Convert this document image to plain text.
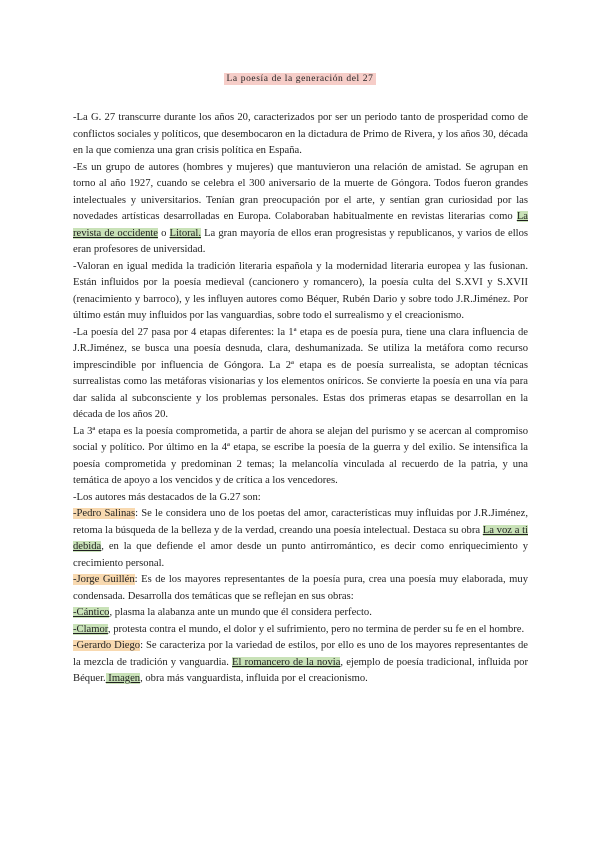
La poesía de la generación del 27

-La G. 27 transcurre durante los años 20, caracterizados por ser un periodo tanto de prosperidad como de conflictos sociales y políticos, que desembocaron en la dictadura de Primo de Rivera, y los años 30, década en la que comienza una gran crisis política en España.

-Es un grupo de autores (hombres y mujeres) que mantuvieron una relación de amistad. Se agrupan en torno al año 1927, cuando se celebra el 300 aniversario de la muerte de Góngora. Todos fueron grandes intelectuales y universitarios. Tenían gran preocupación por el arte, y sentían gran curiosidad por las novedades artísticas desarrolladas en Europa. Colaboraban habitualmente en revistas literarias como La revista de occidente o Litoral. La gran mayoría de ellos eran progresistas y republicanos, y varios de ellos eran profesores de universidad.

-Valoran en igual medida la tradición literaria española y la modernidad literaria europea y las fusionan. Están influidos por la poesía medieval (cancionero y romancero), la poesía culta del S.XVI y S.XVII (renacimiento y barroco), y les influyen autores como Béquer, Rubén Dario y sobre todo J.R.Jiménez. Por último están muy influidos por las vanguardias, sobre todo el surrealismo y el creacionismo.

-La poesía del 27 pasa por 4 etapas diferentes: la 1ª etapa es de poesía pura, tiene una clara influencia de J.R.Jiménez, se busca una poesía desnuda, clara, deshumanizada. Se utiliza la metáfora como recurso imprescindible por influencia de Góngora. La 2ª etapa es de poesía surrealista, se adoptan técnicas surrealistas como las metáforas visionarias y los elementos oníricos. Se convierte la poesía en una vía para dar salida al subconsciente y los problemas personales. Estas dos primeras etapas se desarrollan en la década de los años 20.

La 3ª etapa es la poesía comprometida, a partir de ahora se alejan del purismo y se acercan al compromiso social y político. Por último en la 4ª etapa, se escribe la poesía de la guerra y del exilio. Se intensifica la poesía comprometida y predominan 2 temas; la melancolía vinculada al recuerdo de la patria, y una temática de apoyo a los vencidos y de crítica a los vencedores.

-Los autores más destacados de la G.27 son:

-Pedro Salinas: Se le considera uno de los poetas del amor, características muy influidas por J.R.Jiménez, retoma la búsqueda de la belleza y de la verdad, creando una poesía intelectual. Destaca su obra La voz a ti debida, en la que defiende el amor desde un punto antirromántico, es decir como enriquecimiento y crecimiento personal.

-Jorge Guillén: Es de los mayores representantes de la poesía pura, crea una poesía muy elaborada, muy condensada. Desarrolla dos temáticas que se reflejan en sus obras:

-Cántico, plasma la alabanza ante un mundo que él considera perfecto.

-Clamor, protesta contra el mundo, el dolor y el sufrimiento, pero no termina de perder su fe en el hombre.

-Gerardo Diego: Se caracteriza por la variedad de estilos, por ello es uno de los mayores representantes de la mezcla de tradición y vanguardia. El romancero de la novia, ejemplo de poesía tradicional, influida por Béquer. Imagen, obra más vanguardista, influida por el creacionismo.
